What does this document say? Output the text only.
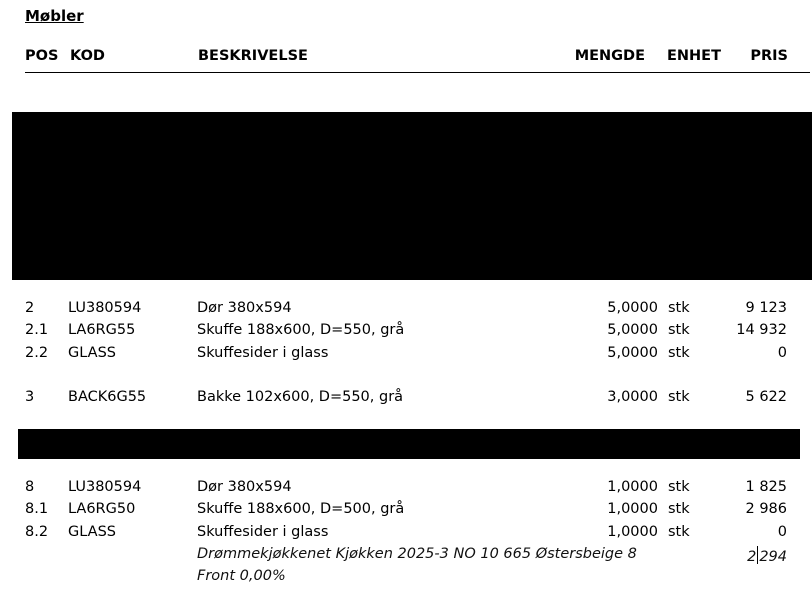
Møbler
POS KOD	BESKRIVELSE	MENGDE ENHET PRIS
2 LU380594	Dør 380x594	5,0000 stk	9 123
2.1 LA6RG55	Skuffe 188x600, D=550, grå	5,0000 stk	14 932
2.2 GLASS	Skuffesider i glass	5,0000 stk	0
3 BACK6G55	Bakke 102x600, D=550, grå	3,0000 stk	5 622
8 LU380594	Dør 380x594	1,0000 stk	1 825
8.1 LA6RG50	Skuffe 188x600, D=500, grå	1,0000 stk	2 986
8.2 GLASS	Skuffesider i glass	1,0000 stk	0
Drømmekjøkkenet Kjøkken 2025-3 NO 10 665 Østersbeige 8	2 294
Front 0,00%
